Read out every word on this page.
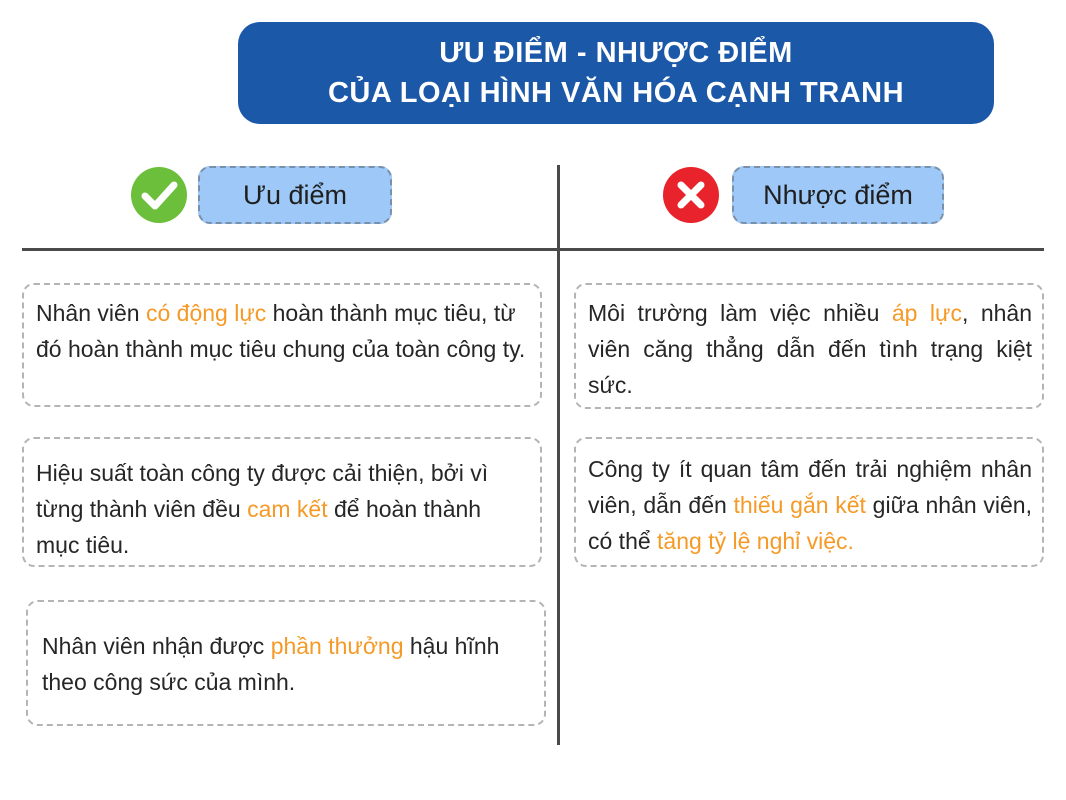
ƯU ĐIỂM - NHƯỢC ĐIỂM
CỦA LOẠI HÌNH VĂN HÓA CẠNH TRANH
Ưu điểm	Nhược điểm
Nhân viên có động lực hoàn thành mục tiêu, từ đó hoàn thành mục tiêu chung của toàn công ty.
Hiệu suất toàn công ty được cải thiện, bởi vì từng thành viên đều cam kết để hoàn thành mục tiêu.
Nhân viên nhận được phần thưởng hậu hĩnh theo công sức của mình.
Môi trường làm việc nhiều áp lực, nhân viên căng thẳng dẫn đến tình trạng kiệt sức.
Công ty ít quan tâm đến trải nghiệm nhân viên, dẫn đến thiếu gắn kết giữa nhân viên, có thể tăng tỷ lệ nghỉ việc.
